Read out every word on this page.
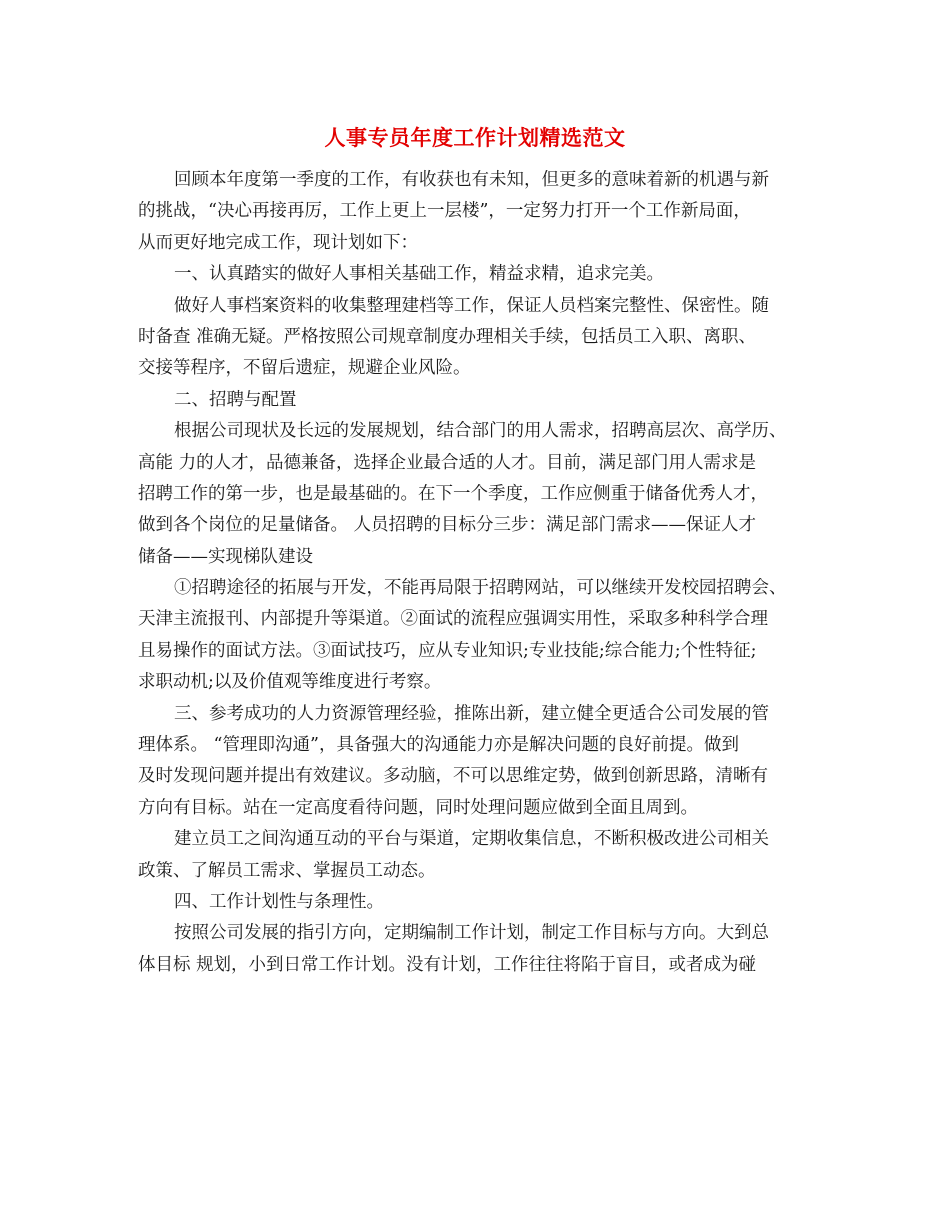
人事专员年度工作计划精选范文
回顾本年度第一季度的工作，有收获也有未知，但更多的意味着新的机遇与新
的挑战，“决心再接再厉，工作上更上一层楼”，一定努力打开一个工作新局面，
从而更好地完成工作，现计划如下：
一、认真踏实的做好人事相关基础工作，精益求精，追求完美。
做好人事档案资料的收集整理建档等工作，保证人员档案完整性、保密性。随
时备查 准确无疑。严格按照公司规章制度办理相关手续，包括员工入职、离职、
交接等程序，不留后遗症，规避企业风险。
二、招聘与配置
根据公司现状及长远的发展规划，结合部门的用人需求，招聘高层次、高学历、
高能 力的人才，品德兼备，选择企业最合适的人才。目前，满足部门用人需求是
招聘工作的第一步，也是最基础的。在下一个季度，工作应侧重于储备优秀人才，
做到各个岗位的足量储备。 人员招聘的目标分三步：满足部门需求——保证人才
储备——实现梯队建设
①招聘途径的拓展与开发，不能再局限于招聘网站，可以继续开发校园招聘会、
天津主流报刊、内部提升等渠道。②面试的流程应强调实用性，采取多种科学合理
且易操作的面试方法。③面试技巧，应从专业知识;专业技能;综合能力;个性特征;
求职动机;以及价值观等维度进行考察。
三、参考成功的人力资源管理经验，推陈出新，建立健全更适合公司发展的管
理体系。 “管理即沟通”，具备强大的沟通能力亦是解决问题的良好前提。做到
及时发现问题并提出有效建议。多动脑，不可以思维定势，做到创新思路，清晰有
方向有目标。站在一定高度看待问题，同时处理问题应做到全面且周到。
建立员工之间沟通互动的平台与渠道，定期收集信息，不断积极改进公司相关
政策、了解员工需求、掌握员工动态。
四、工作计划性与条理性。
按照公司发展的指引方向，定期编制工作计划，制定工作目标与方向。大到总
体目标 规划，小到日常工作计划。没有计划，工作往往将陷于盲目，或者成为碰
